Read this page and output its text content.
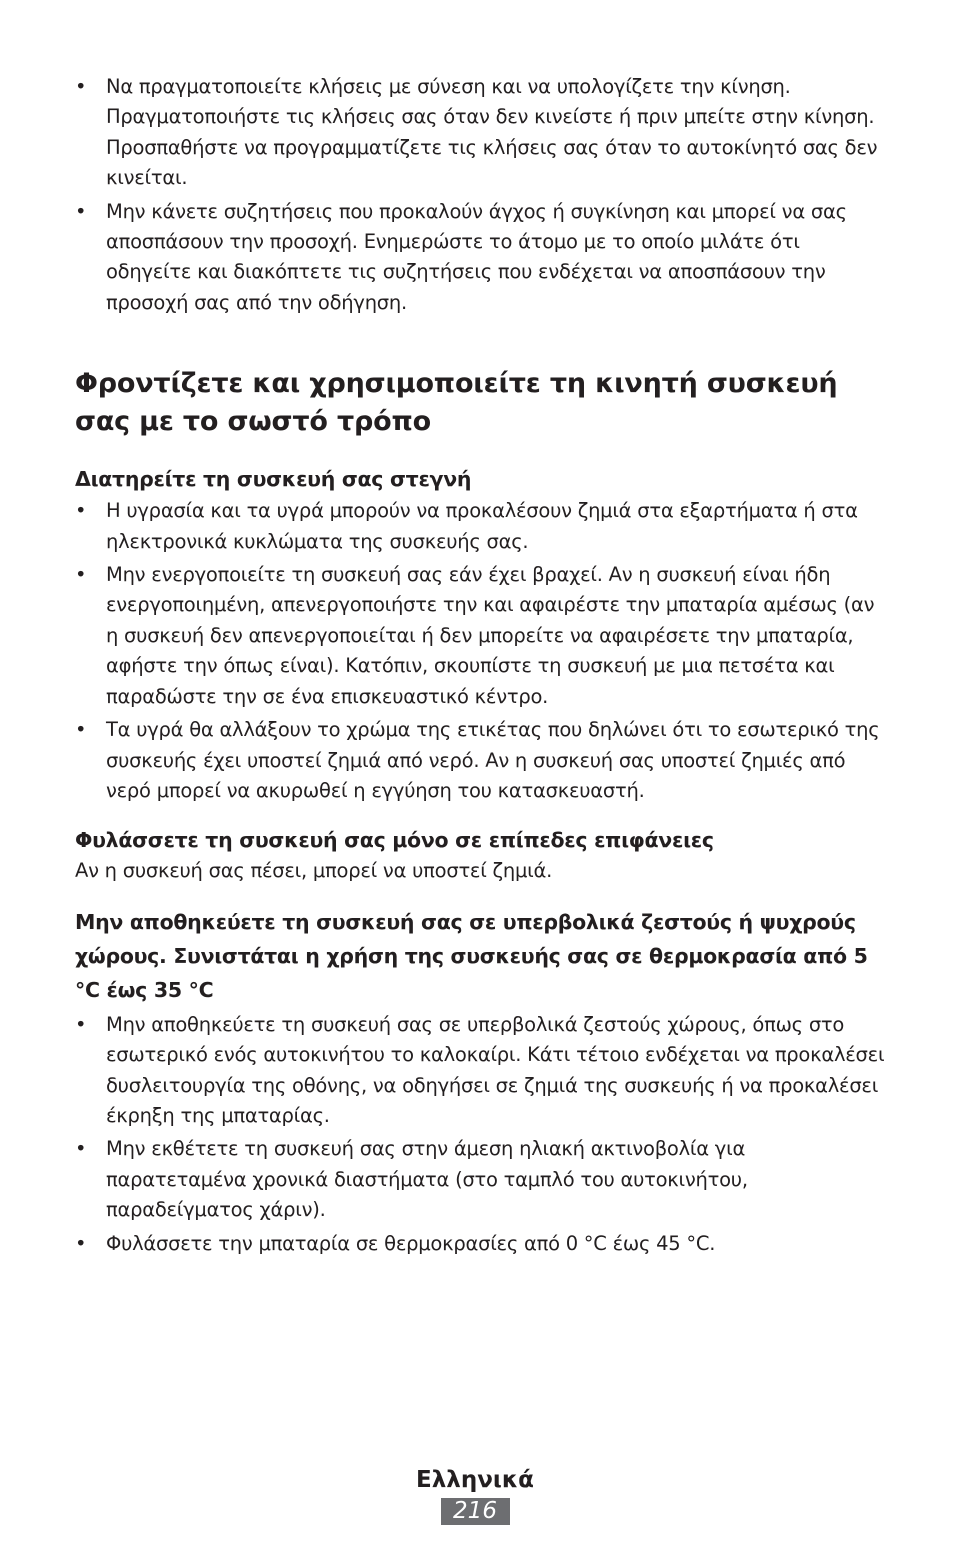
• Να πραγματοποιείτε κλήσεις με σύνεση και να υπολογίζετε την κίνηση. Πραγματοποιήστε τις κλήσεις σας όταν δεν κινείστε ή πριν μπείτε στην κίνηση. Προσπαθήστε να προγραμματίζετε τις κλήσεις σας όταν το αυτοκίνητό σας δεν κινείται.
• Μην κάνετε συζητήσεις που προκαλούν άγχος ή συγκίνηση και μπορεί να σας αποσπάσουν την προσοχή. Ενημερώστε το άτομο με το οποίο μιλάτε ότι οδηγείτε και διακόπτετε τις συζητήσεις που ενδέχεται να αποσπάσουν την προσοχή σας από την οδήγηση.
Φροντίζετε και χρησιμοποιείτε τη κινητή συσκευή σας με το σωστό τρόπο
Διατηρείτε τη συσκευή σας στεγνή
• Η υγρασία και τα υγρά μπορούν να προκαλέσουν ζημιά στα εξαρτήματα ή στα ηλεκτρονικά κυκλώματα της συσκευής σας.
• Μην ενεργοποιείτε τη συσκευή σας εάν έχει βραχεί. Αν η συσκευή είναι ήδη ενεργοποιημένη, απενεργοποιήστε την και αφαιρέστε την μπαταρία αμέσως (αν η συσκευή δεν απενεργοποιείται ή δεν μπορείτε να αφαιρέσετε την μπαταρία, αφήστε την όπως είναι). Κατόπιν, σκουπίστε τη συσκευή με μια πετσέτα και παραδώστε την σε ένα επισκευαστικό κέντρο.
• Τα υγρά θα αλλάξουν το χρώμα της ετικέτας που δηλώνει ότι το εσωτερικό της συσκευής έχει υποστεί ζημιά από νερό. Αν η συσκευή σας υποστεί ζημιές από νερό μπορεί να ακυρωθεί η εγγύηση του κατασκευαστή.
Φυλάσσετε τη συσκευή σας μόνο σε επίπεδες επιφάνειες

Αν η συσκευή σας πέσει, μπορεί να υποστεί ζημιά.

Μην αποθηκεύετε τη συσκευή σας σε υπερβολικά ζεστούς ή ψυχρούς χώρους. Συνιστάται η χρήση της συσκευής σας σε θερμοκρασία από 5 °C έως 35 °C
• Μην αποθηκεύετε τη συσκευή σας σε υπερβολικά ζεστούς χώρους, όπως στο εσωτερικό ενός αυτοκινήτου το καλοκαίρι. Κάτι τέτοιο ενδέχεται να προκαλέσει δυσλειτουργία της οθόνης, να οδηγήσει σε ζημιά της συσκευής ή να προκαλέσει έκρηξη της μπαταρίας.
• Μην εκθέτετε τη συσκευή σας στην άμεση ηλιακή ακτινοβολία για παρατεταμένα χρονικά διαστήματα (στο ταμπλό του αυτοκινήτου, παραδείγματος χάριν).
• Φυλάσσετε την μπαταρία σε θερμοκρασίες από 0 °C έως 45 °C.
Ελληνικά
216
